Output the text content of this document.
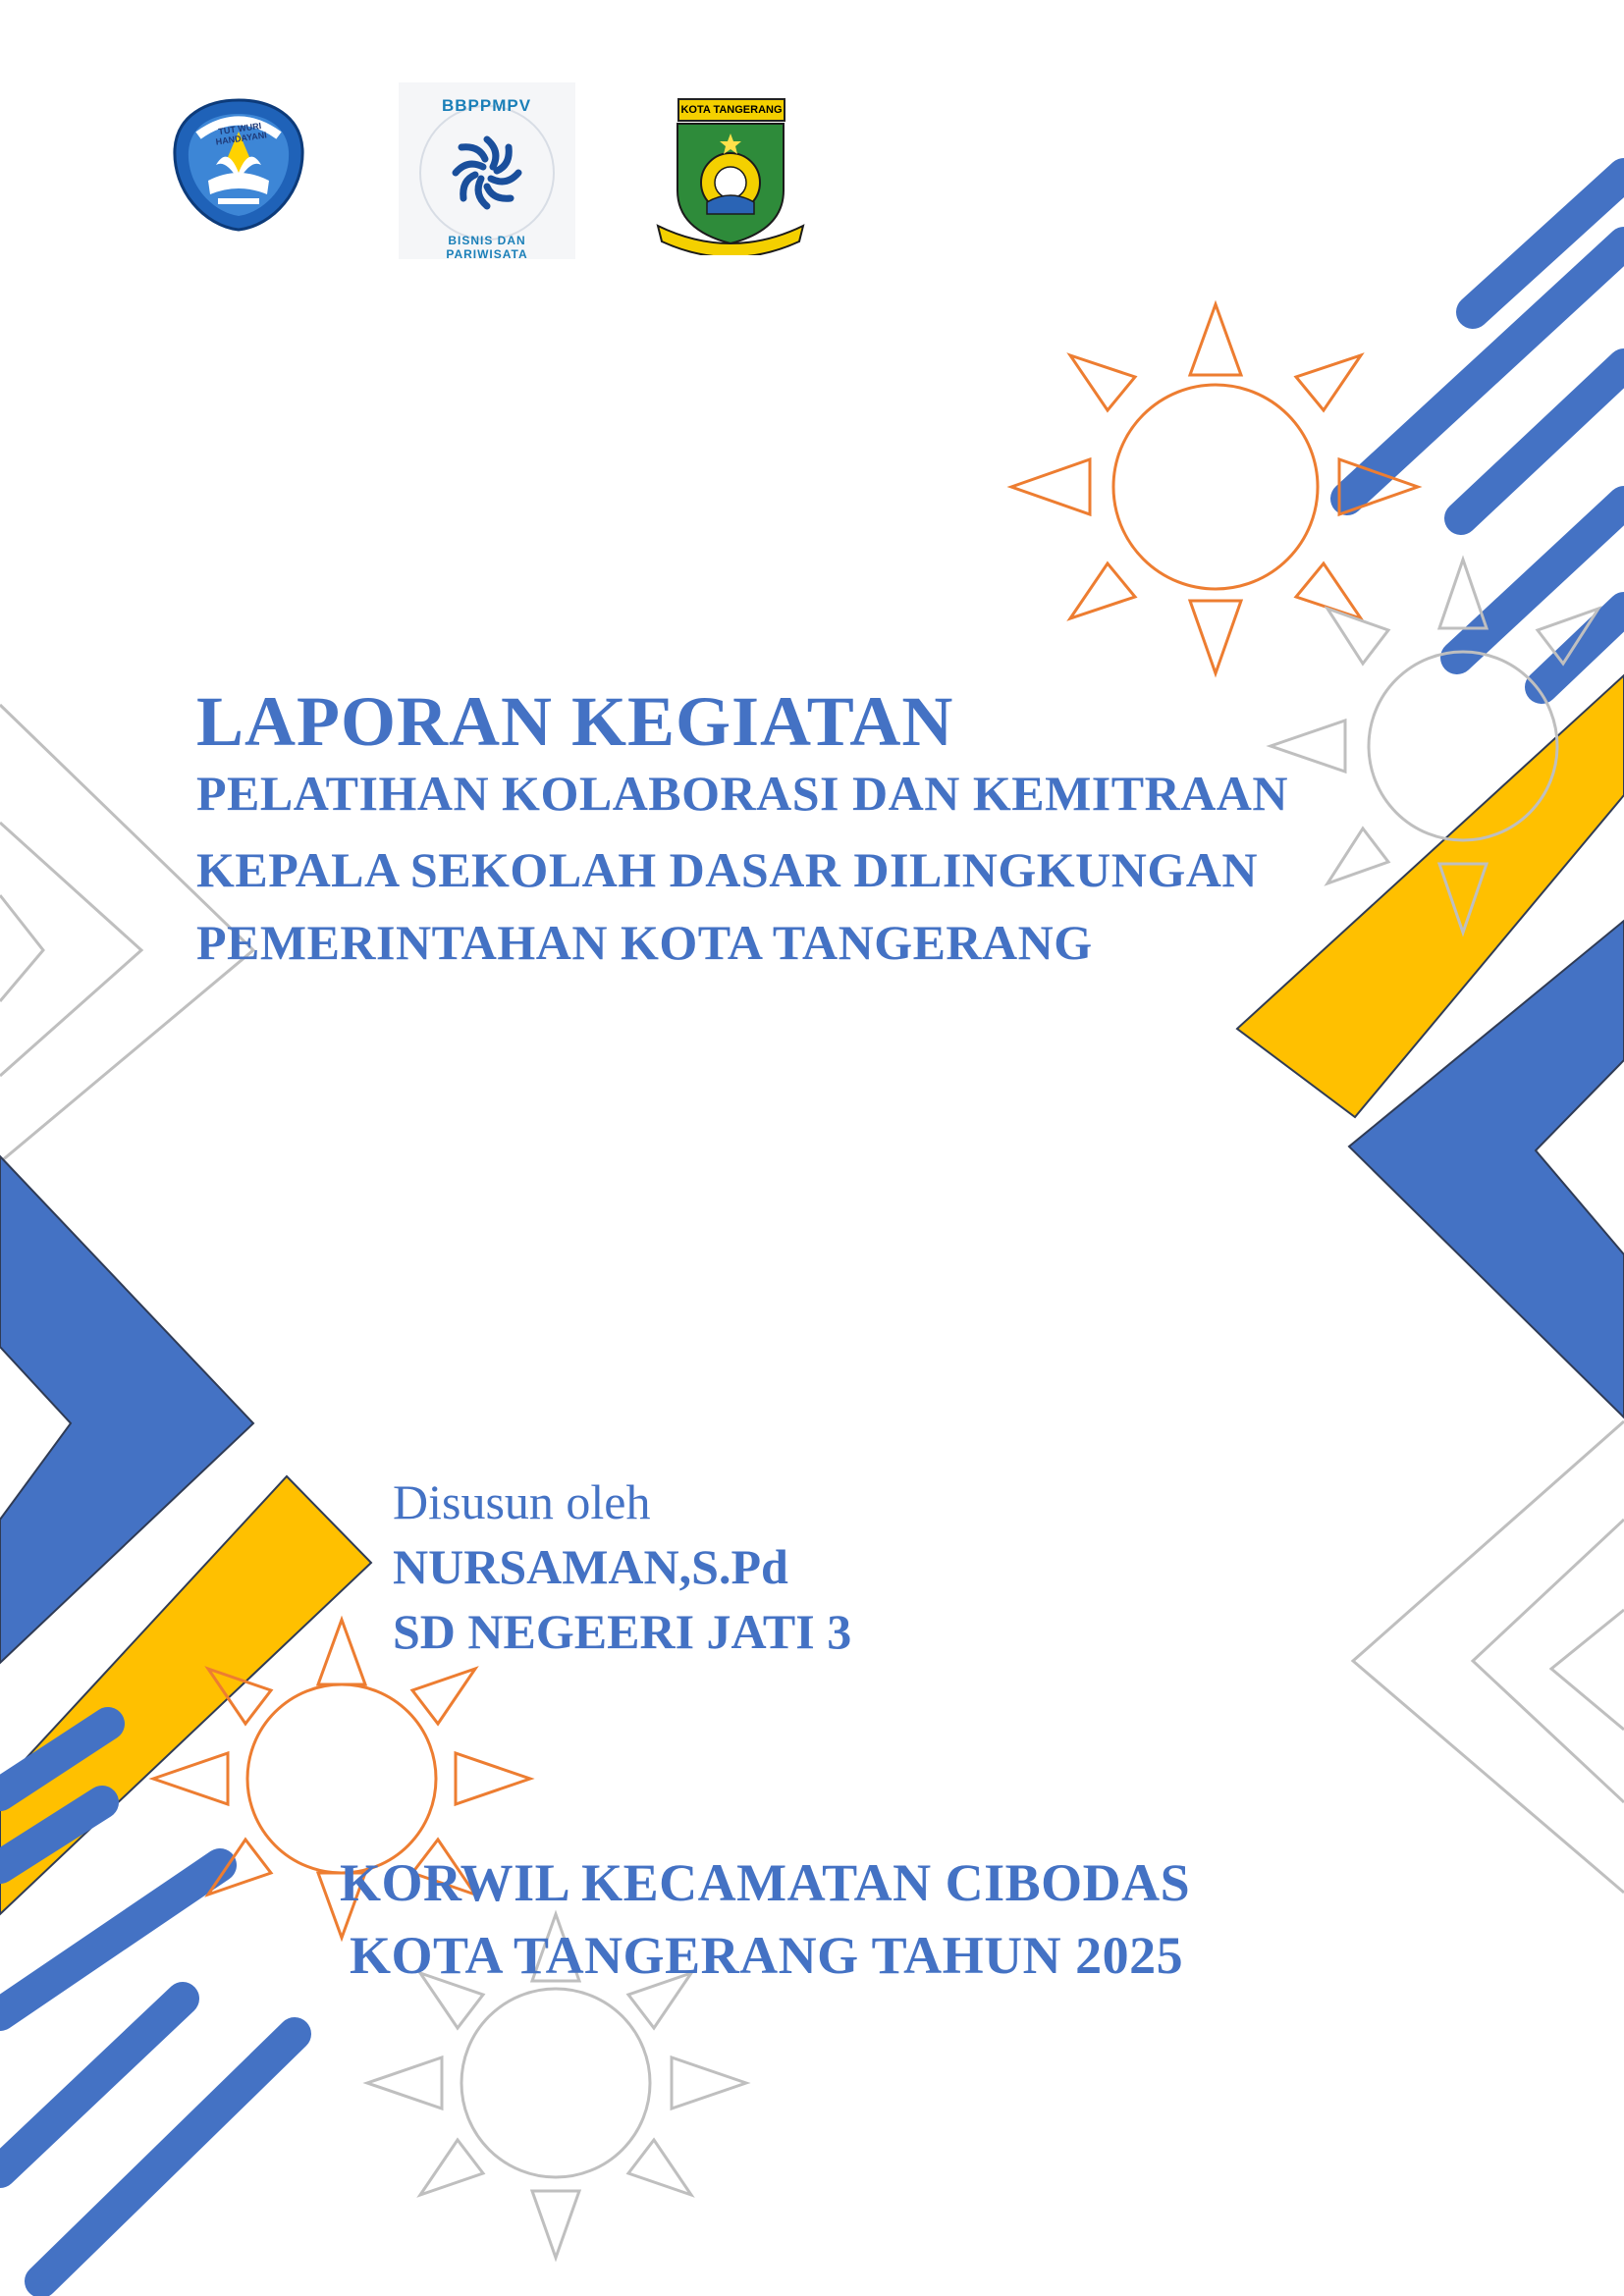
TUT WURI HANDAYANI
BBPPMPV
BISNIS DAN PARIWISATA
KOTA TANGERANG
LAPORAN KEGIATAN

PELATIHAN KOLABORASI DAN KEMITRAAN

KEPALA SEKOLAH DASAR DILINGKUNGAN

PEMERINTAHAN KOTA TANGERANG

Disusun oleh

NURSAMAN,S.Pd

SD NEGEERI JATI 3

KORWIL KECAMATAN CIBODAS

KOTA TANGERANG TAHUN 2025
